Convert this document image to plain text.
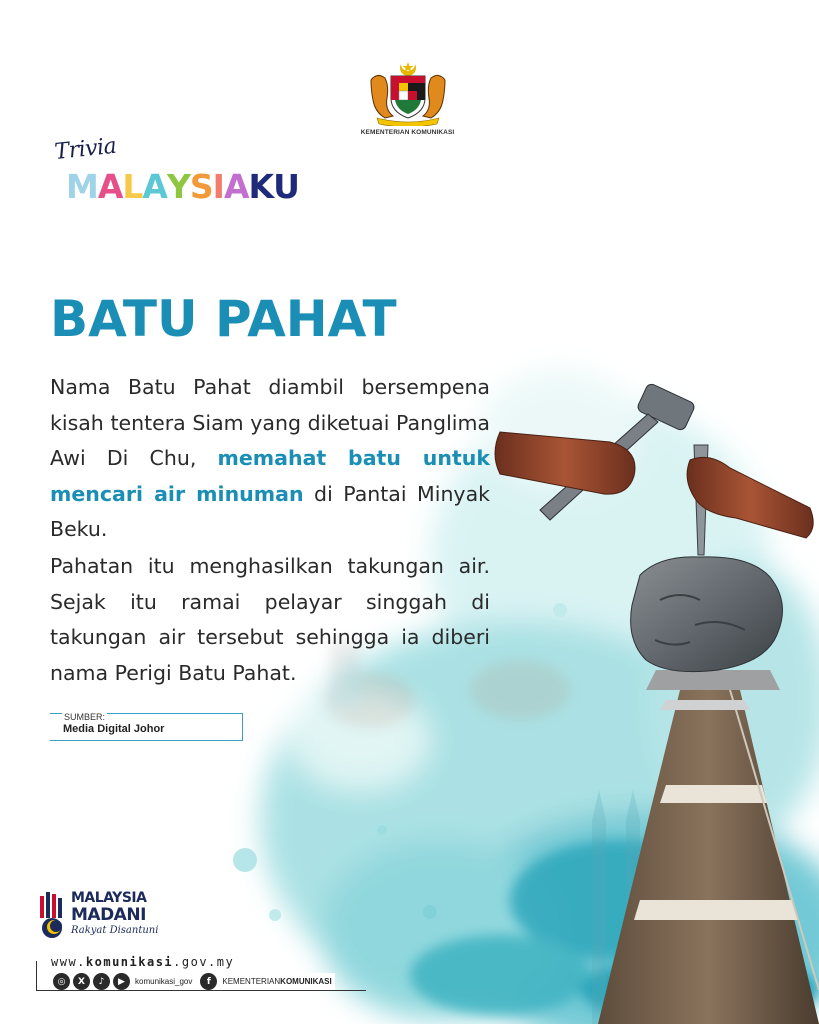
KEMENTERIAN KOMUNIKASI
Trivia
MALAYSIAKU
BATU PAHAT

Nama Batu Pahat diambil bersempena kisah tentera Siam yang diketuai Panglima Awi Di Chu, memahat batu untuk mencari air minuman di Pantai Minyak Beku.

Pahatan itu menghasilkan takungan air. Sejak itu ramai pelayar singgah di takungan air tersebut sehingga ia diberi nama Perigi Batu Pahat.

SUMBER:
Media Digital Johor
MALAYSIA
MADANI
Rakyat Disantuni
www.komunikasi.gov.my
◎	X	♪	▶	komunikasi_gov	f	KEMENTERIANKOMUNIKASI
